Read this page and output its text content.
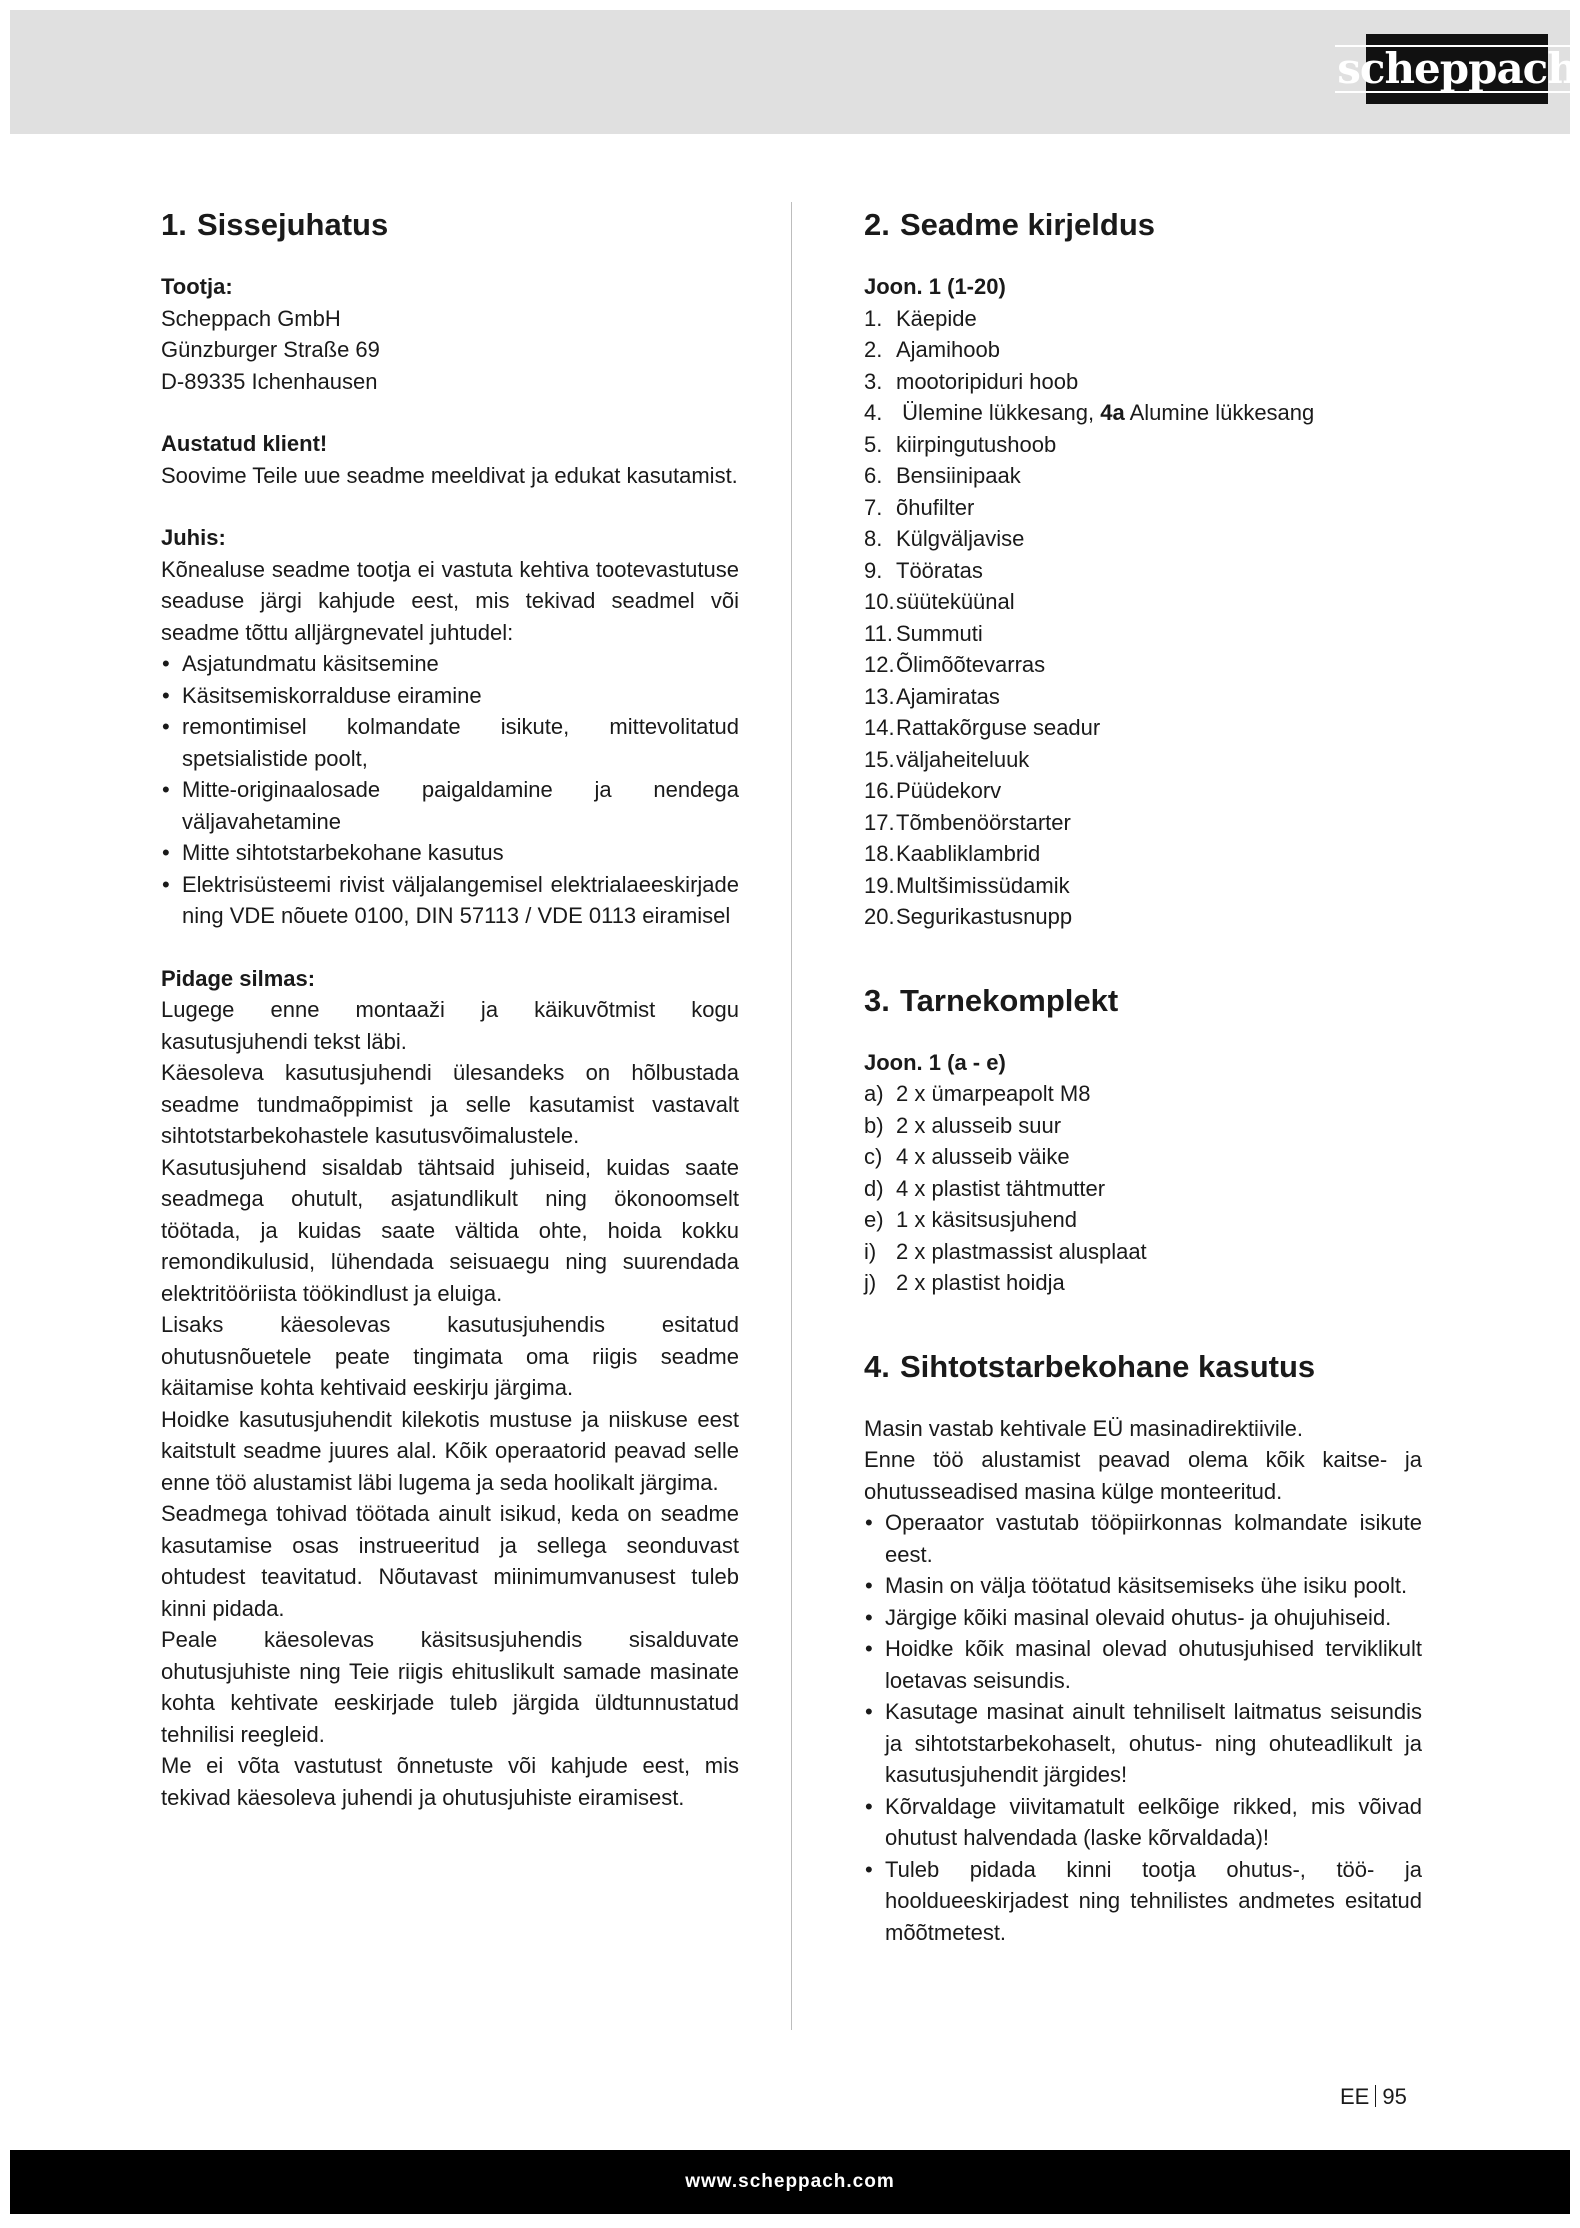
scheppach
1. Sissejuhatus

Tootja:

Scheppach GmbH

Günzburger Straße 69

D-89335 Ichenhausen

Austatud klient!

Soovime Teile uue seadme meeldivat ja edukat kasutamist.

Juhis:

Kõnealuse seadme tootja ei vastuta kehtiva tootevastutuse seaduse järgi kahjude eest, mis tekivad seadmel või seadme tõttu alljärgnevatel juhtudel:

• Asjatundmatu käsitsemine
• Käsitsemiskorralduse eiramine
• remontimisel kolmandate isikute, mittevolitatud spetsialistide poolt,
• Mitte-originaalosade paigaldamine ja nendega väljavahetamine
• Mitte sihtotstarbekohane kasutus
• Elektrisüsteemi rivist väljalangemisel elektrialaeeskirjade ning VDE nõuete 0100, DIN 57113 / VDE 0113 eiramisel

Pidage silmas:

Lugege enne montaaži ja käikuvõtmist kogu kasutusjuhendi tekst läbi.

Käesoleva kasutusjuhendi ülesandeks on hõlbustada seadme tundmaõppimist ja selle kasutamist vastavalt sihtotstarbekohastele kasutusvõimalustele.

Kasutusjuhend sisaldab tähtsaid juhiseid, kuidas saate seadmega ohutult, asjatundlikult ning ökonoomselt töötada, ja kuidas saate vältida ohte, hoida kokku remondikulusid, lühendada seisuaegu ning suurendada elektritööriista töökindlust ja eluiga.

Lisaks käesolevas kasutusjuhendis esitatud ohutusnõuetele peate tingimata oma riigis seadme käitamise kohta kehtivaid eeskirju järgima.

Hoidke kasutusjuhendit kilekotis mustuse ja niiskuse eest kaitstult seadme juures alal. Kõik operaatorid peavad selle enne töö alustamist läbi lugema ja seda hoolikalt järgima.

Seadmega tohivad töötada ainult isikud, keda on seadme kasutamise osas instrueeritud ja sellega seonduvast ohtudest teavitatud. Nõutavast miinimumvanusest tuleb kinni pidada.

Peale käesolevas käsitsusjuhendis sisalduvate ohutusjuhiste ning Teie riigis ehituslikult samade masinate kohta kehtivate eeskirjade tuleb järgida üldtunnustatud tehnilisi reegleid.

Me ei võta vastutust õnnetuste või kahjude eest, mis tekivad käesoleva juhendi ja ohutusjuhiste eiramisest.

2. Seadme kirjeldus

Joon. 1 (1-20)

1. Käepide
2. Ajamihoob
3. mootoripiduri hoob
4. Ülemine lükkesang, 4a Alumine lükkesang
5. kiirpingutushoob
6. Bensiinipaak
7. õhufilter
8. Külgväljavise
9. Tööratas
10. süüteküünal
11. Summuti
12. Õlimõõtevarras
13. Ajamiratas
14. Rattakõrguse seadur
15. väljaheiteluuk
16. Püüdekorv
17. Tõmbenöörstarter
18. Kaabliklambrid
19. Multšimissüdamik
20. Segurikastusnupp
3. Tarnekomplekt

Joon. 1 (a - e)

a) 2 x ümarpeapolt M8
b) 2 x alusseib suur
c) 4 x alusseib väike
d) 4 x plastist tähtmutter
e) 1 x käsitsusjuhend
i) 2 x plastmassist alusplaat
j) 2 x plastist hoidja
4. Sihtotstarbekohane kasutus

Masin vastab kehtivale EÜ masinadirektiivile.

Enne töö alustamist peavad olema kõik kaitse- ja ohutusseadised masina külge monteeritud.

• Operaator vastutab tööpiirkonnas kolmandate isikute eest.
• Masin on välja töötatud käsitsemiseks ühe isiku poolt.
• Järgige kõiki masinal olevaid ohutus- ja ohujuhiseid.
• Hoidke kõik masinal olevad ohutusjuhised terviklikult loetavas seisundis.
• Kasutage masinat ainult tehniliselt laitmatus seisundis ja sihtotstarbekohaselt, ohutus- ning ohuteadlikult ja kasutusjuhendit järgides!
• Kõrvaldage viivitamatult eelkõige rikked, mis võivad ohutust halvendada (laske kõrvaldada)!
• Tuleb pidada kinni tootja ohutus-, töö- ja hooldueeskirjadest ning tehnilistes andmetes esitatud mõõtmetest.
EE 95
www.scheppach.com
